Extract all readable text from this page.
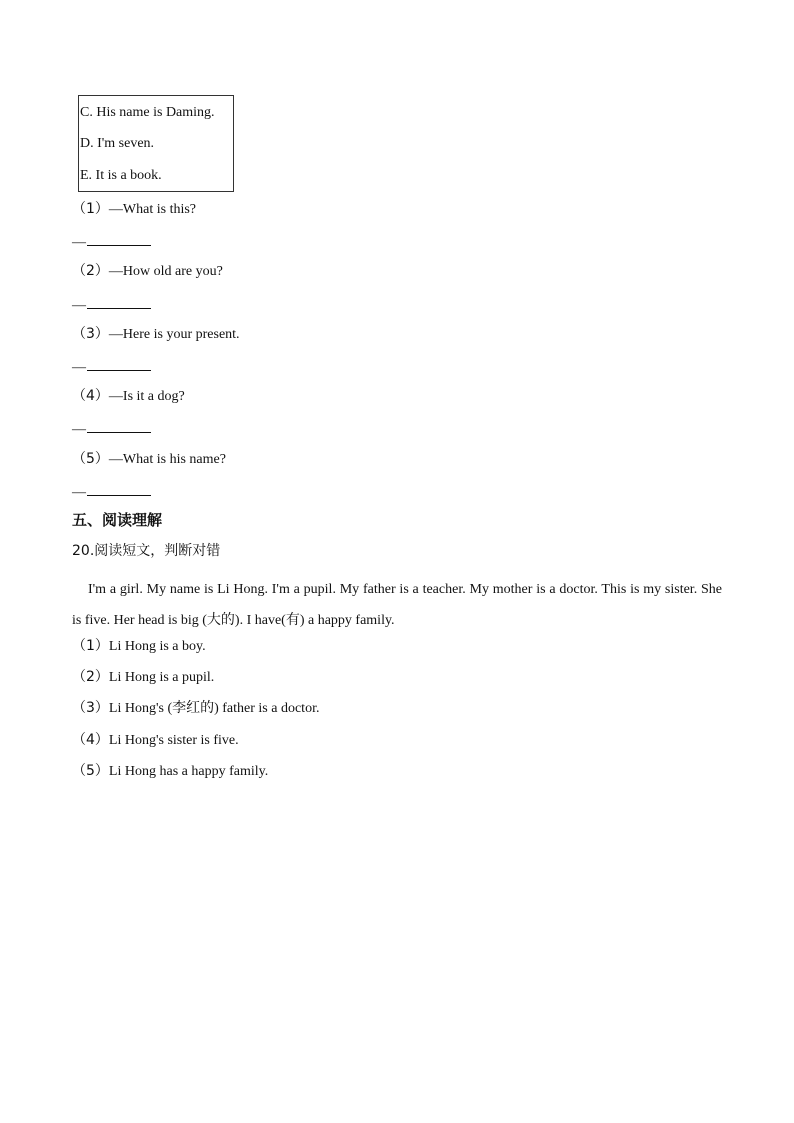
C. His name is Daming.
D. I'm seven.
E. It is a book.
（1）—What is this?
—
（2）—How old are you?
—
（3）—Here is your present.
—
（4）—Is it a dog?
—
（5）—What is his name?
—
五、阅读理解
20.阅读短文，判断对错
I'm a girl. My name is Li Hong. I'm a pupil. My father is a teacher. My mother is a doctor. This is my sister. She is five. Her head is big (大的). I have(有) a happy family.
（1）Li Hong is a boy.
（2）Li Hong is a pupil.
（3）Li Hong's (李红的) father is a doctor.
（4）Li Hong's sister is five.
（5）Li Hong has a happy family.
